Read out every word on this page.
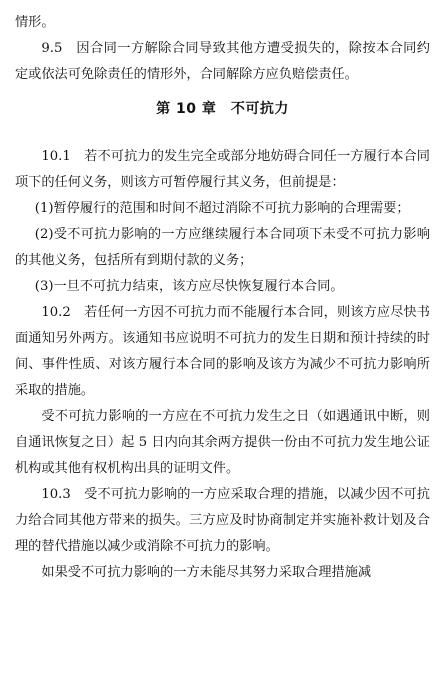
情形。

9.5　因合同一方解除合同导致其他方遭受损失的，除按本合同约定或依法可免除责任的情形外，合同解除方应负赔偿责任。

第 10 章　不可抗力

10.1　若不可抗力的发生完全或部分地妨碍合同任一方履行本合同项下的任何义务，则该方可暂停履行其义务，但前提是：

(1)暂停履行的范围和时间不超过消除不可抗力影响的合理需要；

(2)受不可抗力影响的一方应继续履行本合同项下未受不可抗力影响的其他义务，包括所有到期付款的义务；

(3)一旦不可抗力结束，该方应尽快恢复履行本合同。

10.2　若任何一方因不可抗力而不能履行本合同，则该方应尽快书面通知另外两方。该通知书应说明不可抗力的发生日期和预计持续的时间、事件性质、对该方履行本合同的影响及该方为减少不可抗力影响所采取的措施。

受不可抗力影响的一方应在不可抗力发生之日（如遇通讯中断，则自通讯恢复之日）起 5 日内向其余两方提供一份由不可抗力发生地公证机构或其他有权机构出具的证明文件。

10.3　受不可抗力影响的一方应采取合理的措施，以减少因不可抗力给合同其他方带来的损失。三方应及时协商制定并实施补救计划及合理的替代措施以减少或消除不可抗力的影响。

如果受不可抗力影响的一方未能尽其努力采取合理措施减
